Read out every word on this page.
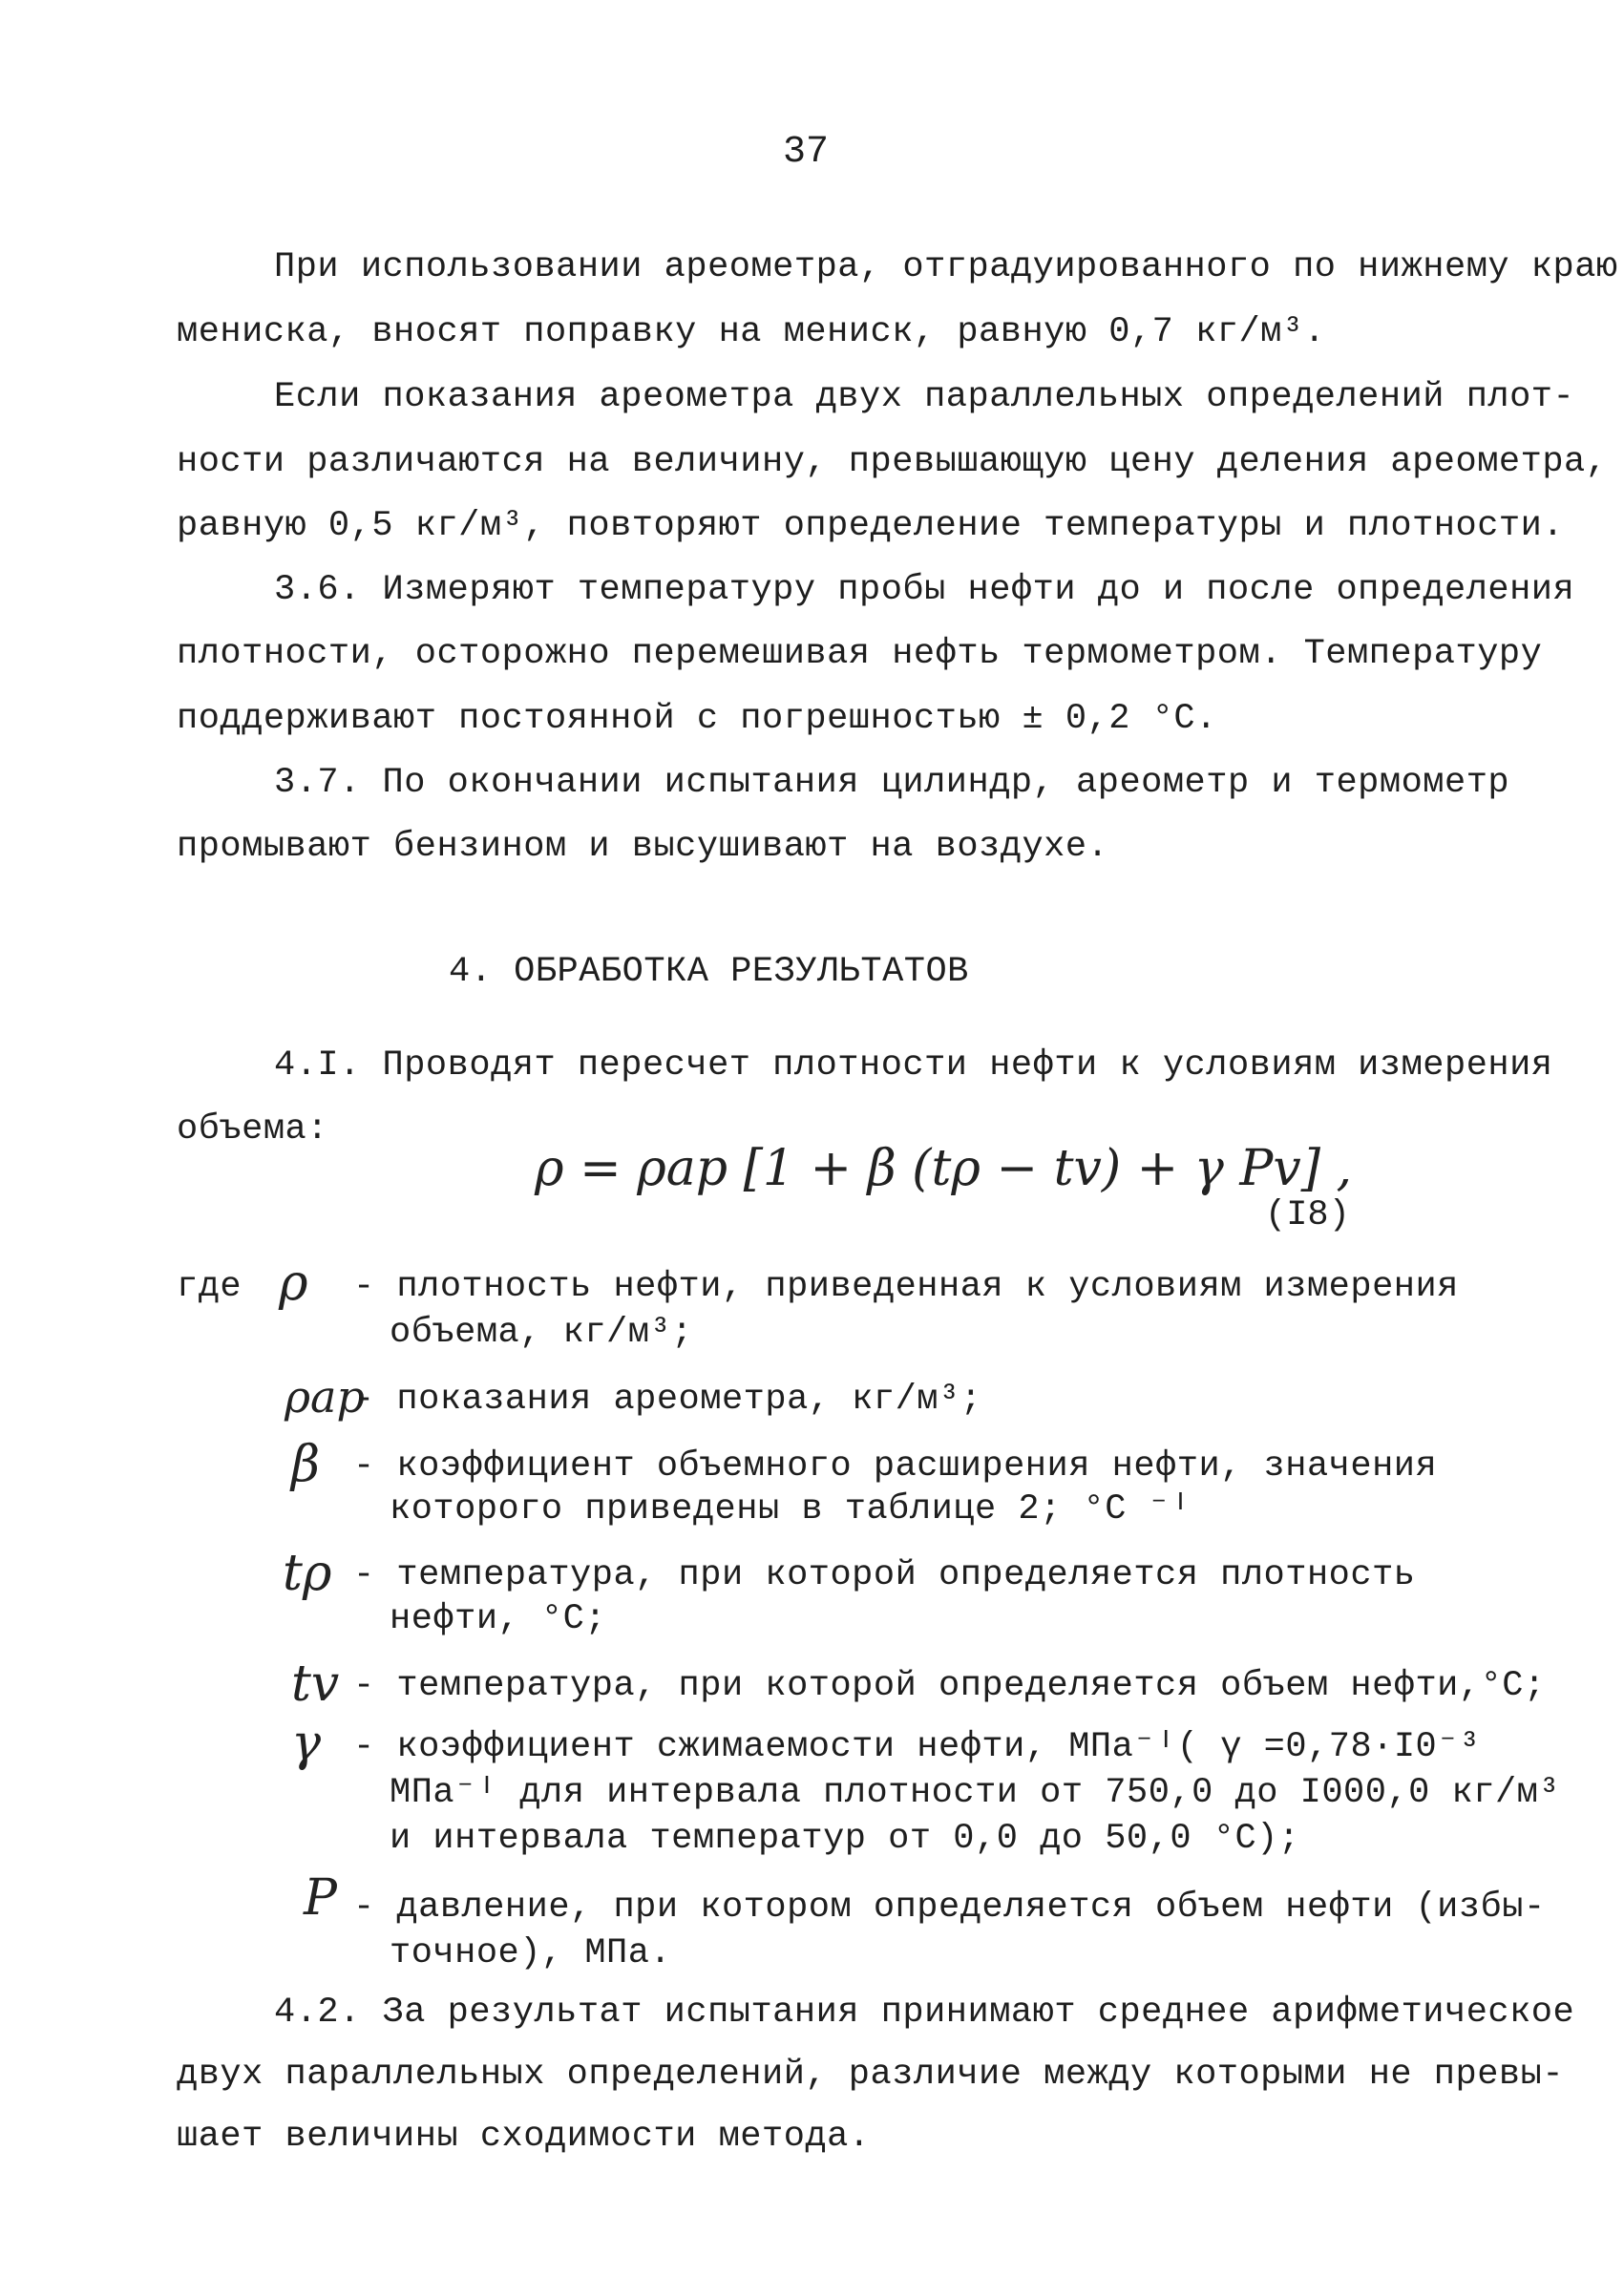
37
При использовании ареометра, отградуированного по нижнему краю
мениска, вносят поправку на мениск, равную 0,7 кг/м³.
Если показания ареометра двух параллельных определений плот-
ности различаются на величину, превышающую цену деления ареометра,
равную 0,5 кг/м³, повторяют определение температуры и плотности.
3.6. Измеряют температуру пробы нефти до и после определения
плотности, осторожно перемешивая нефть термометром. Температуру
поддерживают постоянной с погрешностью ± 0,2 °С.
3.7. По окончании испытания цилиндр, ареометр и термометр
промывают бензином и высушивают на воздухе.
4. ОБРАБОТКА РЕЗУЛЬТАТОВ
4.I. Проводят пересчет плотности нефти к условиям измерения
объема:
ρ = ρар [1 + β (tρ − tv) + γ Pv] ,
(I8)
где ρ - плотность нефти, приведенная к условиям измерения
объема, кг/м³;
ρар
- показания ареометра, кг/м³;
β - коэффициент объемного расширения нефти, значения
которого приведены в таблице 2; °С ⁻ᴵ
tρ - температура, при которой определяется плотность
нефти, °С;
tv - температура, при которой определяется объем нефти,°С;
γ - коэффициент сжимаемости нефти, МПа⁻ᴵ( γ =0,78·I0⁻³
МПа⁻ᴵ для интервала плотности от 750,0 до I000,0 кг/м³
и интервала температур от 0,0 до 50,0 °С);
P - давление, при котором определяется объем нефти (избы-
точное), МПа.
4.2. За результат испытания принимают среднее арифметическое
двух параллельных определений, различие между которыми не превы-
шает величины сходимости метода.
